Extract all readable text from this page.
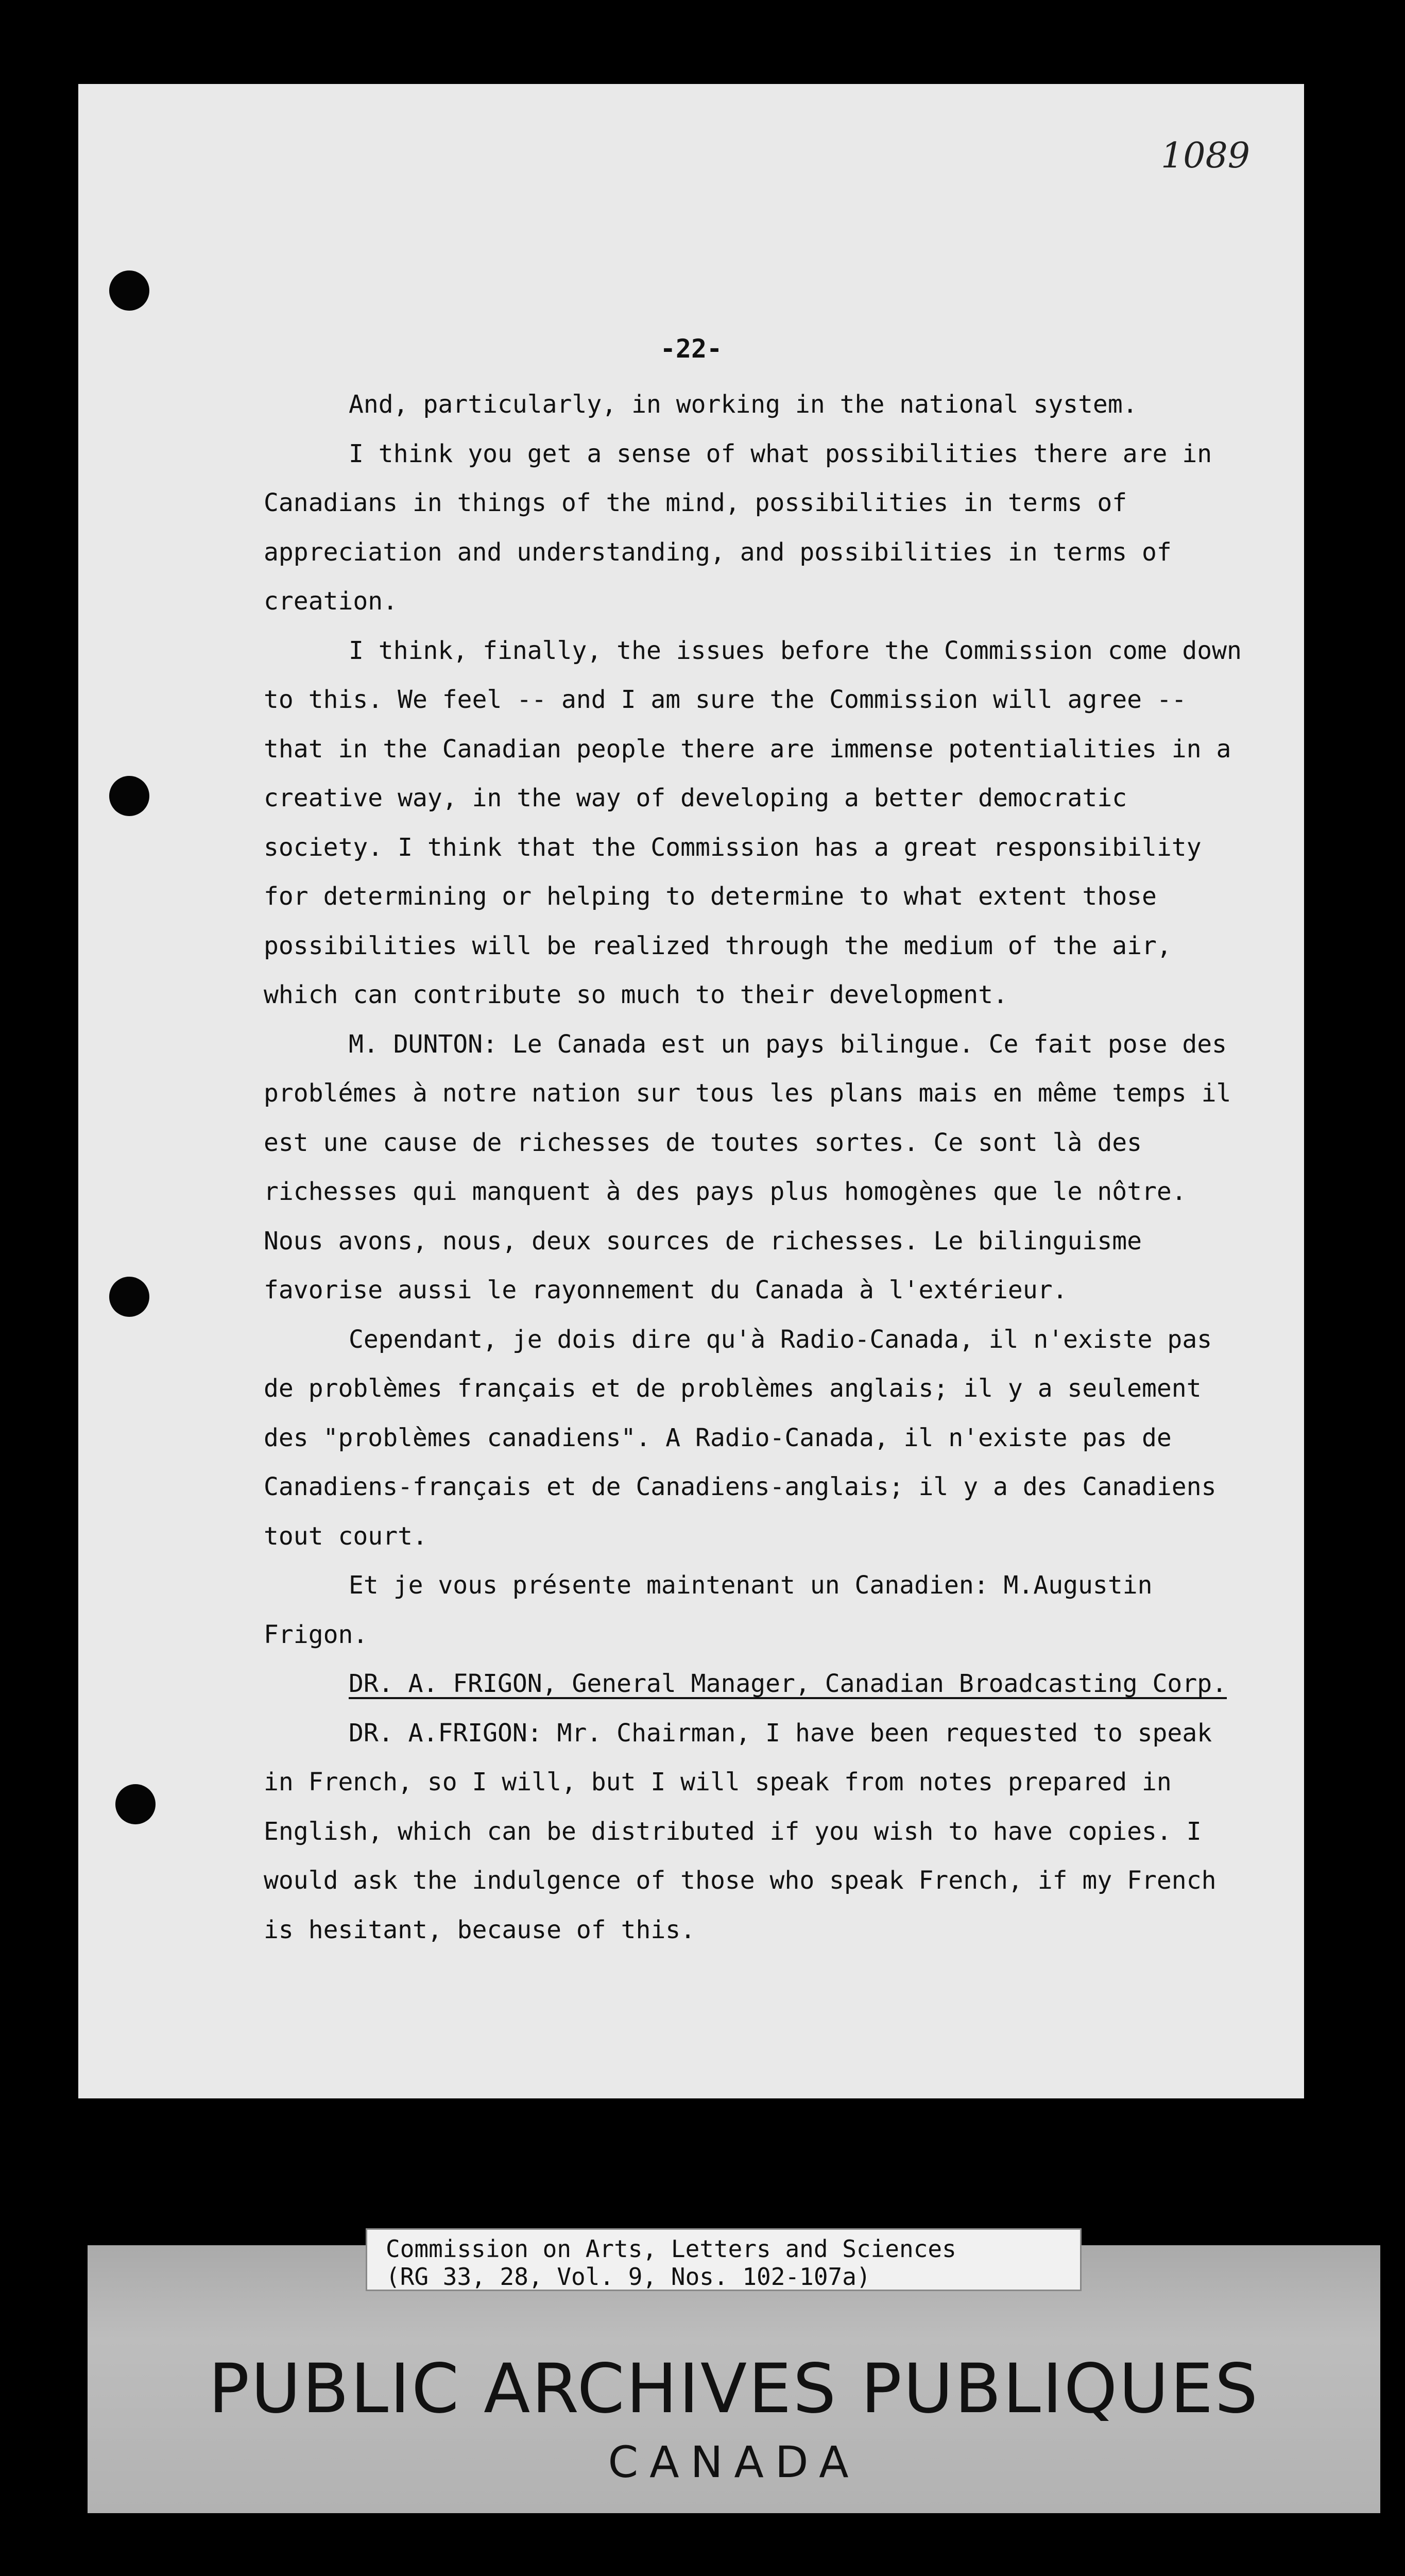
1089
-22-

And, particularly, in working in the national system.

I think you get a sense of what possibilities there are in Canadians in things of the mind, possibilities in terms of appreciation and understanding, and possibilities in terms of creation.

I think, finally, the issues before the Commission come down to this. We feel -- and I am sure the Commission will agree -- that in the Canadian people there are immense potentialities in a creative way, in the way of developing a better democratic society. I think that the Commission has a great responsibility for determining or helping to determine to what extent those possibilities will be realized through the medium of the air, which can contribute so much to their development.

M. DUNTON: Le Canada est un pays bilingue. Ce fait pose des problémes à notre nation sur tous les plans mais en même temps il est une cause de richesses de toutes sortes. Ce sont là des richesses qui manquent à des pays plus homogènes que le nôtre. Nous avons, nous, deux sources de richesses. Le bilinguisme favorise aussi le rayonnement du Canada à l'extérieur.

Cependant, je dois dire qu'à Radio-Canada, il n'existe pas de problèmes français et de problèmes anglais; il y a seulement des "problèmes canadiens". A Radio-Canada, il n'existe pas de Canadiens-français et de Canadiens-anglais; il y a des Canadiens tout court.

Et je vous présente maintenant un Canadien: M.Augustin Frigon.

DR. A. FRIGON, General Manager, Canadian Broadcasting Corp.

DR. A.FRIGON: Mr. Chairman, I have been requested to speak in French, so I will, but I will speak from notes prepared in English, which can be distributed if you wish to have copies. I would ask the indulgence of those who speak French, if my French is hesitant, because of this.

Commission on Arts, Letters and Sciences
(RG 33, 28, Vol. 9, Nos. 102-107a)
PUBLIC ARCHIVES PUBLIQUES
CANADA
